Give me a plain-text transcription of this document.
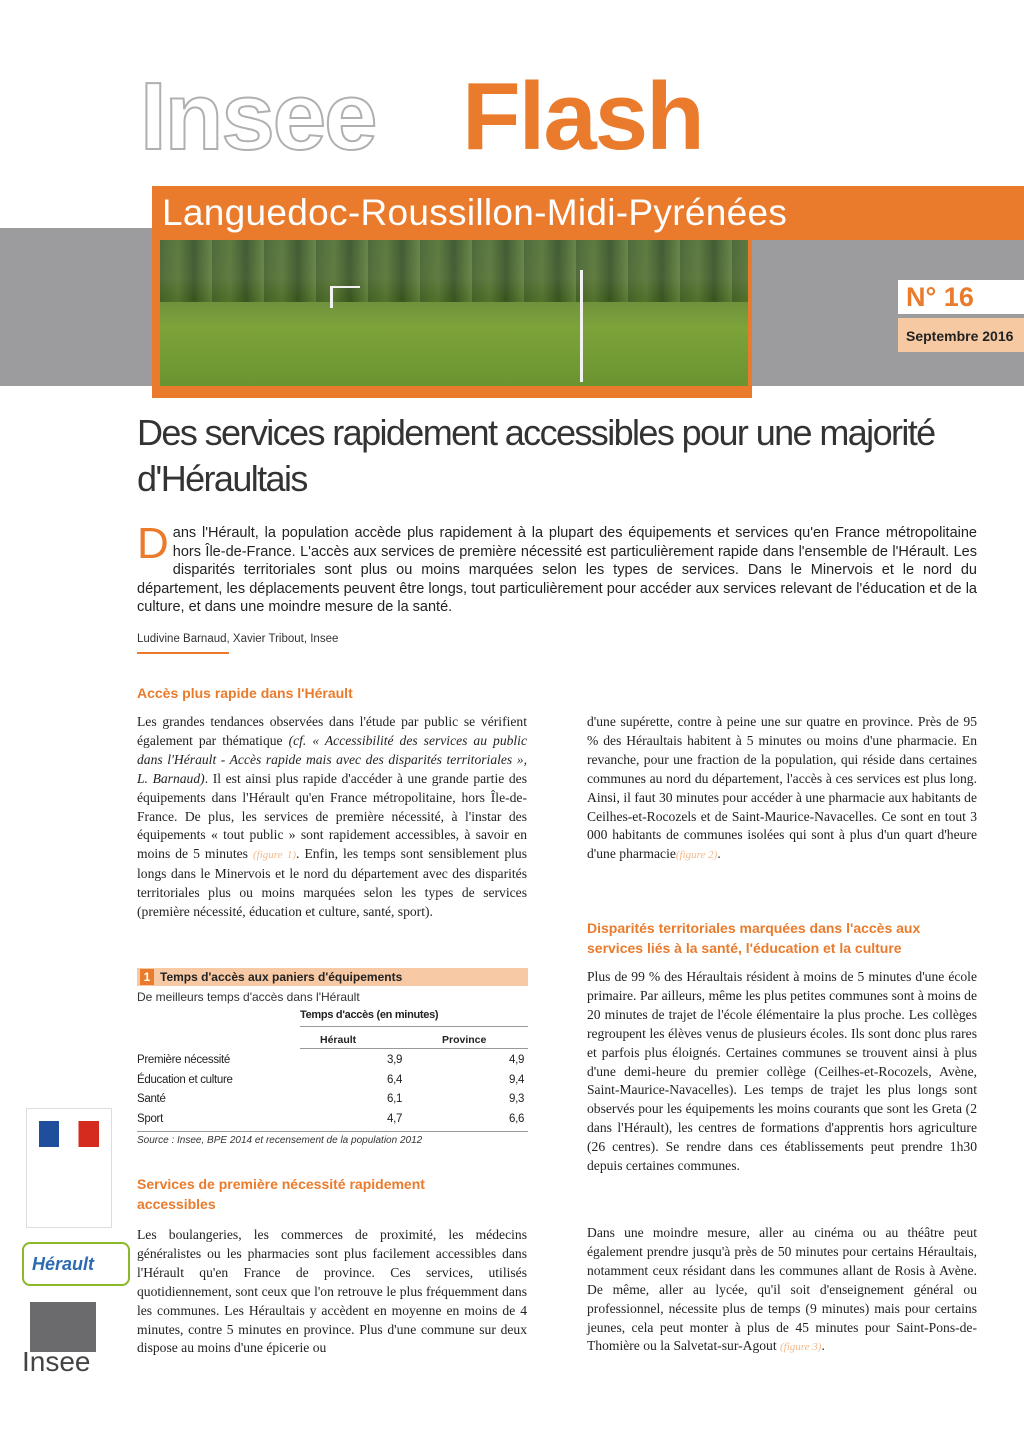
Insee Flash
Languedoc-Roussillon-Midi-Pyrénées
N° 16
Septembre 2016
Des services rapidement accessibles pour une majorité d'Héraultais
Dans l'Hérault, la population accède plus rapidement à la plupart des équipements et services qu'en France métropolitaine hors Île-de-France. L'accès aux services de première nécessité est particulièrement rapide dans l'ensemble de l'Hérault. Les disparités territoriales sont plus ou moins marquées selon les types de services. Dans le Minervois et le nord du département, les déplacements peuvent être longs, tout particulièrement pour accéder aux services relevant de l'éducation et de la culture, et dans une moindre mesure de la santé.
Ludivine Barnaud, Xavier Tribout, Insee
Accès plus rapide dans l'Hérault

Les grandes tendances observées dans l'étude par public se vérifient également par thématique (cf. « Accessibilité des services au public dans l'Hérault - Accès rapide mais avec des disparités territoriales », L. Barnaud). Il est ainsi plus rapide d'accéder à une grande partie des équipements dans l'Hérault qu'en France métropolitaine, hors Île-de-France. De plus, les services de première nécessité, à l'instar des équipements « tout public » sont rapidement accessibles, à savoir en moins de 5 minutes (figure 1). Enfin, les temps sont sensiblement plus longs dans le Minervois et le nord du département avec des disparités territoriales plus ou moins marquées selon les types de services (première nécessité, éducation et culture, santé, sport).

1 Temps d'accès aux paniers d'équipements
De meilleurs temps d'accès dans l'Hérault
Temps d'accès (en minutes)
Hérault	Province
Première nécessité	3,9	4,9
Éducation et culture	6,4	9,4
Santé	6,1	9,3
Sport	4,7	6,6
Source : Insee, BPE 2014 et recensement de la population 2012
Services de première nécessité rapidement accessibles

Les boulangeries, les commerces de proximité, les médecins généralistes ou les pharmacies sont plus facilement accessibles dans l'Hérault qu'en France de province. Ces services, utilisés quotidiennement, sont ceux que l'on retrouve le plus fréquemment dans les communes. Les Héraultais y accèdent en moyenne en moins de 4 minutes, contre 5 minutes en province. Plus d'une commune sur deux dispose au moins d'une épicerie ou

d'une supérette, contre à peine une sur quatre en province. Près de 95 % des Héraultais habitent à 5 minutes ou moins d'une pharmacie. En revanche, pour une fraction de la population, qui réside dans certaines communes au nord du département, l'accès à ces services est plus long. Ainsi, il faut 30 minutes pour accéder à une pharmacie aux habitants de Ceilhes-et-Rocozels et de Saint-Maurice-Navacelles. Ce sont en tout 3 000 habitants de communes isolées qui sont à plus d'un quart d'heure d'une pharmacie(figure 2).

Disparités territoriales marquées dans l'accès aux services liés à la santé, l'éducation et la culture

Plus de 99 % des Héraultais résident à moins de 5 minutes d'une école primaire. Par ailleurs, même les plus petites communes sont à moins de 20 minutes de trajet de l'école élémentaire la plus proche. Les collèges regroupent les élèves venus de plusieurs écoles. Ils sont donc plus rares et parfois plus éloignés. Certaines communes se trouvent ainsi à plus d'une demi-heure du premier collège (Ceilhes-et-Rocozels, Avène, Saint-Maurice-Navacelles). Les temps de trajet les plus longs sont observés pour les équipements les moins courants que sont les Greta (2 dans l'Hérault), les centres de formations d'apprentis hors agriculture (26 centres). Se rendre dans ces établissements peut prendre 1h30 depuis certaines communes.

Dans une moindre mesure, aller au cinéma ou au théâtre peut également prendre jusqu'à près de 50 minutes pour certains Héraultais, notamment ceux résidant dans les communes allant de Rosis à Avène. De même, aller au lycée, qu'il soit d'enseignement général ou professionnel, nécessite plus de temps (9 minutes) mais pour certains jeunes, cela peut monter à plus de 45 minutes pour Saint-Pons-de-Thomière ou la Salvetat-sur-Agout (figure 3).

Hérault
Insee
